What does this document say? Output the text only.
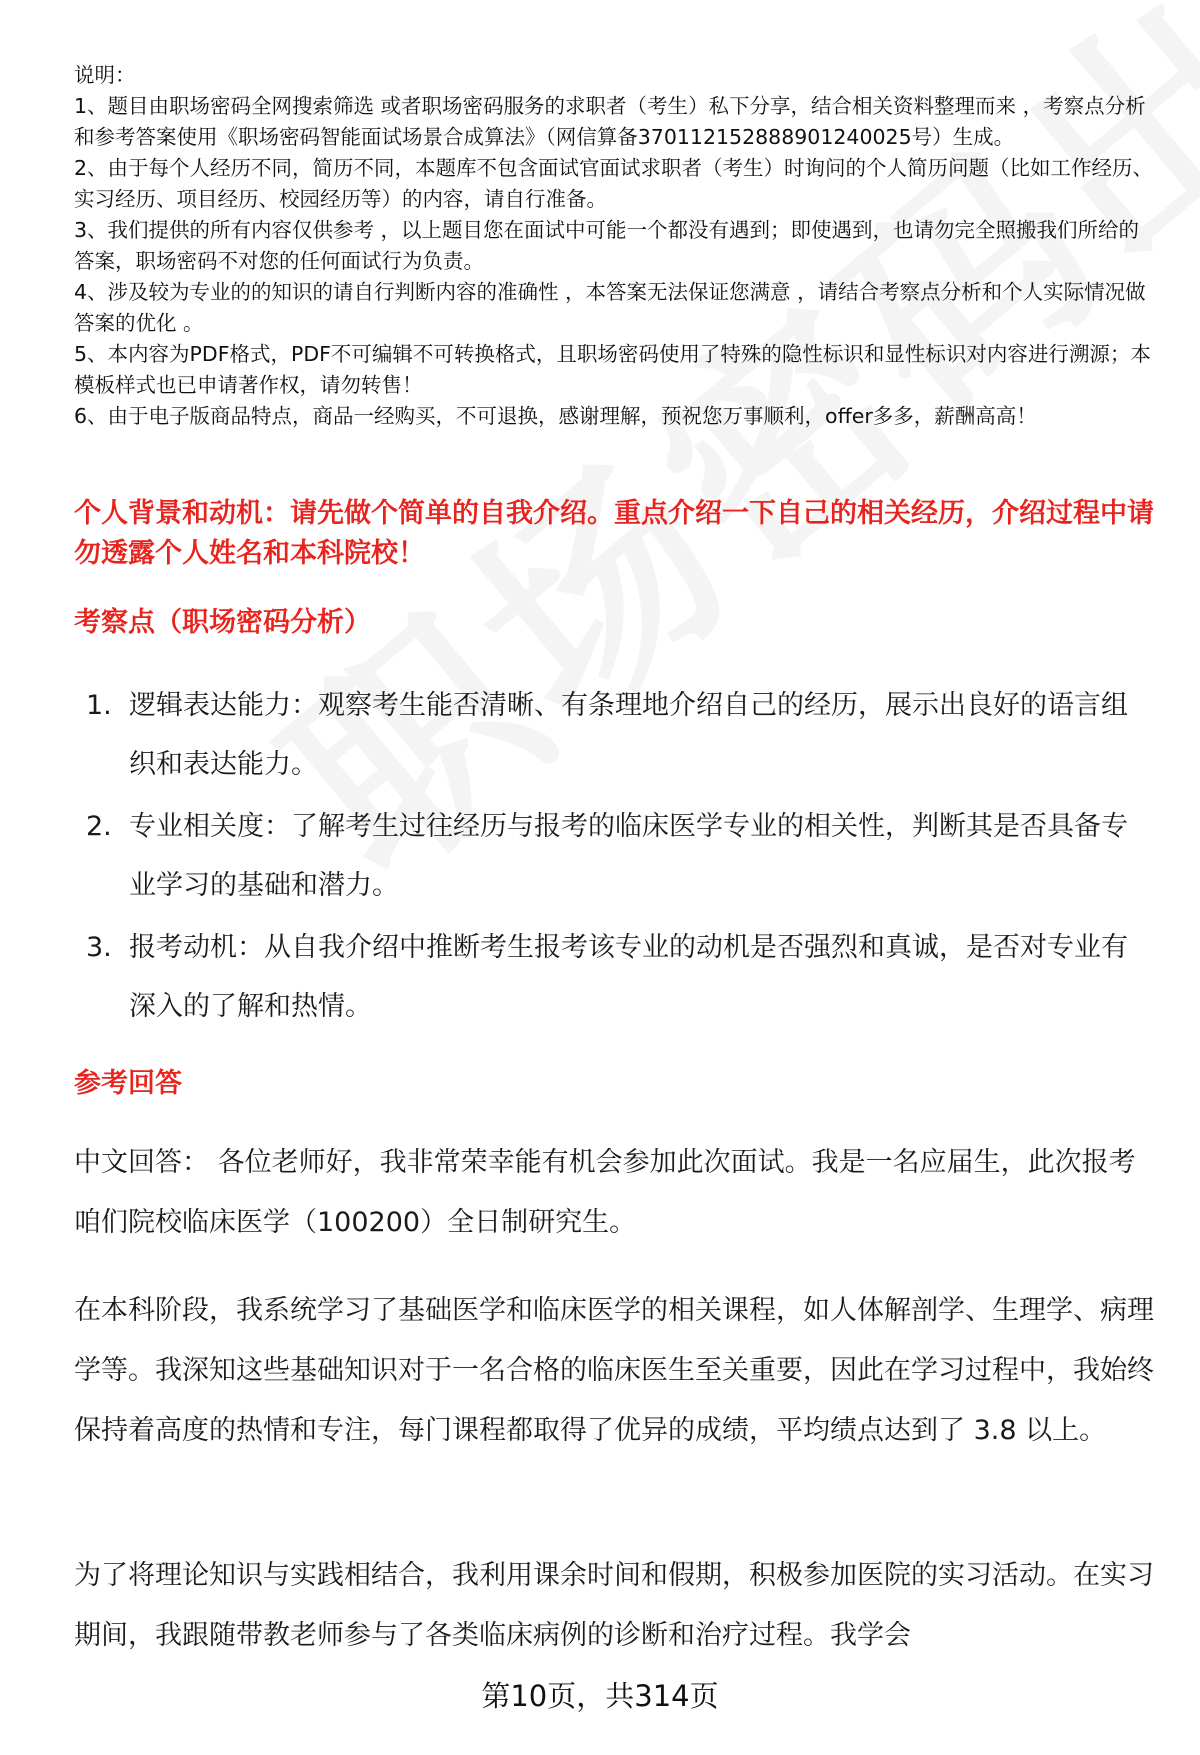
说明：

1、题目由职场密码全网搜索筛选 或者职场密码服务的求职者（考生）私下分享，结合相关资料整理而来 ，考察点分析和参考答案使用《职场密码智能面试场景合成算法》（网信算备370112152888901240025号）生成。

2、由于每个人经历不同，简历不同，本题库不包含面试官面试求职者（考生）时询问的个人简历问题（比如工作经历、实习经历、项目经历、校园经历等）的内容，请自行准备。

3、我们提供的所有内容仅供参考 ，以上题目您在面试中可能一个都没有遇到；即使遇到，也请勿完全照搬我们所给的答案，职场密码不对您的任何面试行为负责。

4、涉及较为专业的的知识的请自行判断内容的准确性 ，本答案无法保证您满意 ，请结合考察点分析和个人实际情况做答案的优化 。

5、本内容为PDF格式，PDF不可编辑不可转换格式，且职场密码使用了特殊的隐性标识和显性标识对内容进行溯源；本模板样式也已申请著作权，请勿转售！

6、由于电子版商品特点，商品一经购买，不可退换，感谢理解，预祝您万事顺利，offer多多，薪酬高高！

个人背景和动机：请先做个简单的自我介绍。重点介绍一下自己的相关经历，介绍过程中请勿透露个人姓名和本科院校！
考察点（职场密码分析）
1. 逻辑表达能力：观察考生能否清晰、有条理地介绍自己的经历，展示出良好的语言组织和表达能力。
2. 专业相关度：了解考生过往经历与报考的临床医学专业的相关性，判断其是否具备专业学习的基础和潜力。
3. 报考动机：从自我介绍中推断考生报考该专业的动机是否强烈和真诚，是否对专业有深入的了解和热情。
参考回答

中文回答： 各位老师好，我非常荣幸能有机会参加此次面试。我是一名应届生，此次报考咱们院校临床医学（100200）全日制研究生。

在本科阶段，我系统学习了基础医学和临床医学的相关课程，如人体解剖学、生理学、病理学等。我深知这些基础知识对于一名合格的临床医生至关重要，因此在学习过程中，我始终保持着高度的热情和专注，每门课程都取得了优异的成绩，平均绩点达到了 3.8 以上。

为了将理论知识与实践相结合，我利用课余时间和假期，积极参加医院的实习活动。在实习期间，我跟随带教老师参与了各类临床病例的诊断和治疗过程。我学会

第10页，共314页
